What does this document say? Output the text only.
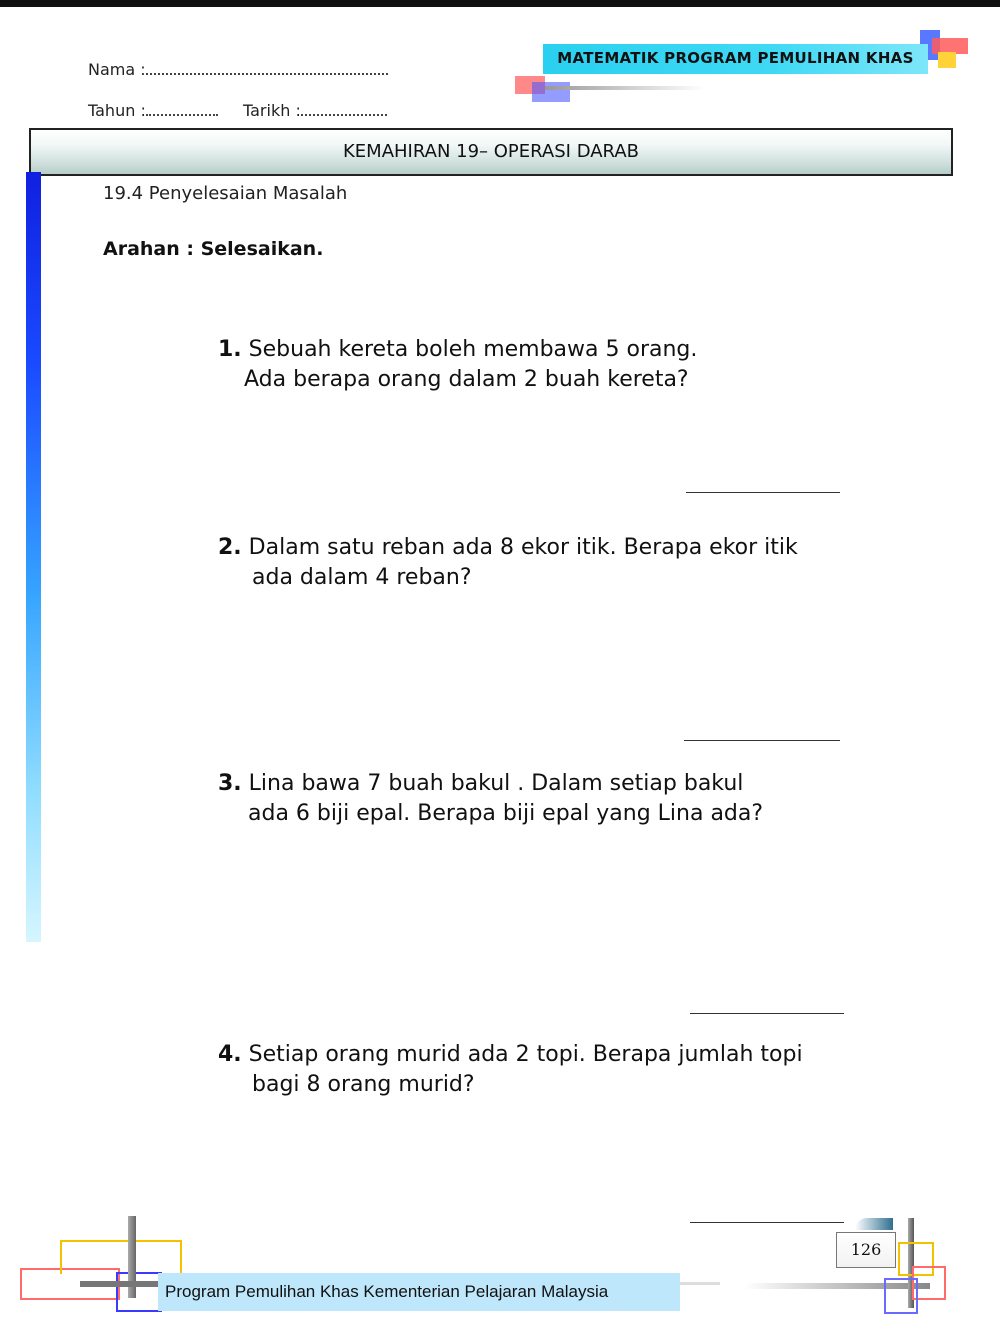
Nama :
Tahun :	Tarikh :
MATEMATIK PROGRAM PEMULIHAN KHAS
KEMAHIRAN 19– OPERASI DARAB
19.4 Penyelesaian Masalah
Arahan : Selesaikan.
1. Sebuah kereta boleh membawa 5 orang.
Ada berapa orang dalam 2 buah kereta?
2. Dalam satu reban ada 8 ekor itik. Berapa ekor itik
ada dalam 4 reban?
3. Lina bawa 7 buah bakul . Dalam setiap bakul
ada 6 biji epal. Berapa biji epal yang Lina ada?
4. Setiap orang murid ada 2 topi. Berapa jumlah topi
bagi 8 orang murid?
Program Pemulihan Khas Kementerian Pelajaran Malaysia
126
